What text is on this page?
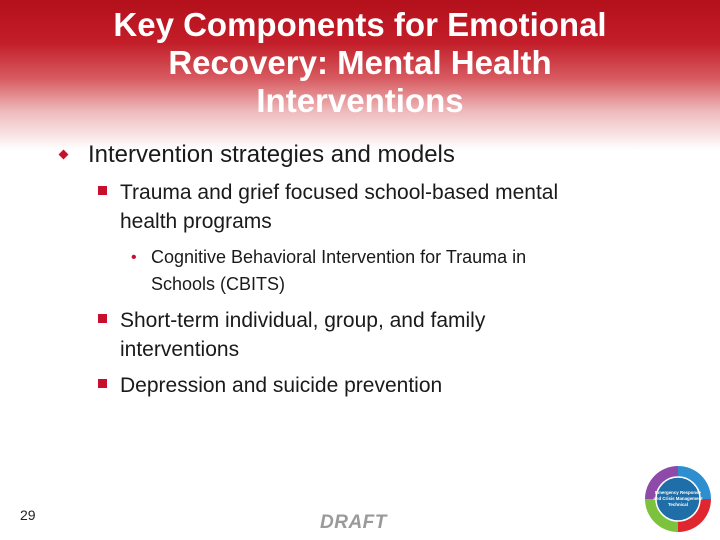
Key Components for Emotional
Recovery: Mental Health
Interventions
Intervention strategies and models
Trauma and grief focused school-based mental
health programs
• Cognitive Behavioral Intervention for Trauma in
Schools (CBITS)
Short-term individual, group, and family
interventions
Depression and suicide prevention
29	DRAFT
Emergency Response
and Crisis Management
Technical
